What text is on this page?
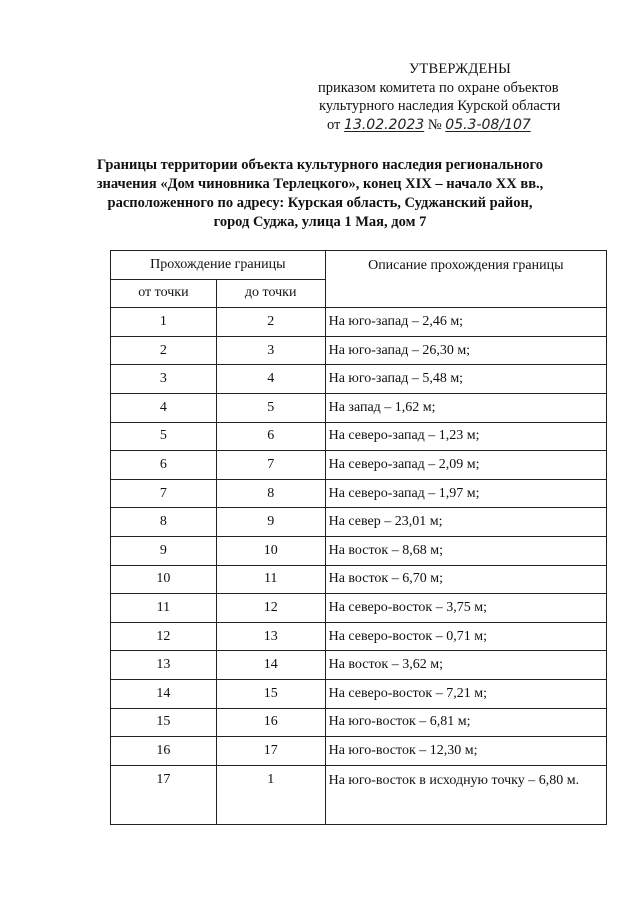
УТВЕРЖДЕНЫ
приказом комитета по охране объектов
культурного наследия Курской области
от 13.02.2023 № 05.3-08/107
Границы территории объекта культурного наследия регионального
значения «Дом чиновника Терлецкого», конец XIX – начало XX вв.,
расположенного по адресу: Курская область, Суджанский район,
город Суджа, улица 1 Мая, дом 7
Прохождение границы		Описание прохождения границы
от точки	до точки	
1	2	На юго-запад – 2,46 м;
2	3	На юго-запад – 26,30 м;
3	4	На юго-запад – 5,48 м;
4	5	На запад – 1,62 м;
5	6	На северо-запад – 1,23 м;
6	7	На северо-запад – 2,09 м;
7	8	На северо-запад – 1,97 м;
8	9	На север – 23,01 м;
9	10	На восток – 8,68 м;
10	11	На восток – 6,70 м;
11	12	На северо-восток – 3,75 м;
12	13	На северо-восток – 0,71 м;
13	14	На восток – 3,62 м;
14	15	На северо-восток – 7,21 м;
15	16	На юго-восток – 6,81 м;
16	17	На юго-восток – 12,30 м;
17	1	На юго-восток в исходную точку – 6,80 м.
